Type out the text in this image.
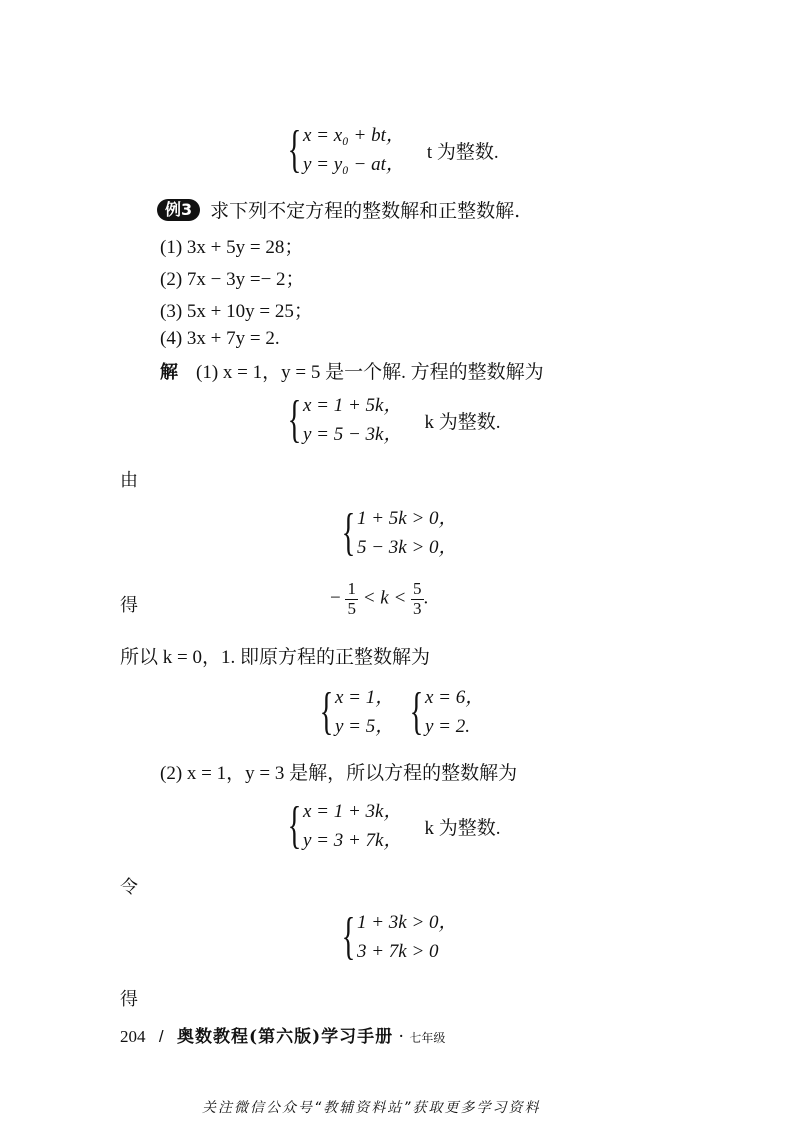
{ x = x₀ + bt，
y = y₀ − at，
t 为整数.
例3 求下列不定方程的整数解和正整数解.
(1) 3x + 5y = 28；
(2) 7x − 3y =− 2；
(3) 5x + 10y = 25；
(4) 3x + 7y = 2.
解 (1) x = 1，y = 5 是一个解. 方程的整数解为
{ x = 1 + 5k，
y = 5 − 3k，
k 为整数.
由
{ 1 + 5k > 0，
5 − 3k > 0，
得	− $\frac{1}{5} < k < \frac{5}{3}$ .
所以 k = 0，1. 即原方程的正整数解为
{ x = 1，
y = 5， { x = 6，
y = 2.
(2) x = 1，y = 3 是解，所以方程的整数解为
{ x = 1 + 3k，
y = 3 + 7k，
k 为整数.
令
{ 1 + 3k > 0，
3 + 7k > 0
得
204 / 奥数教程(第六版)学习手册 · 七年级
关注微信公众号“教辅资料站”获取更多学习资料
